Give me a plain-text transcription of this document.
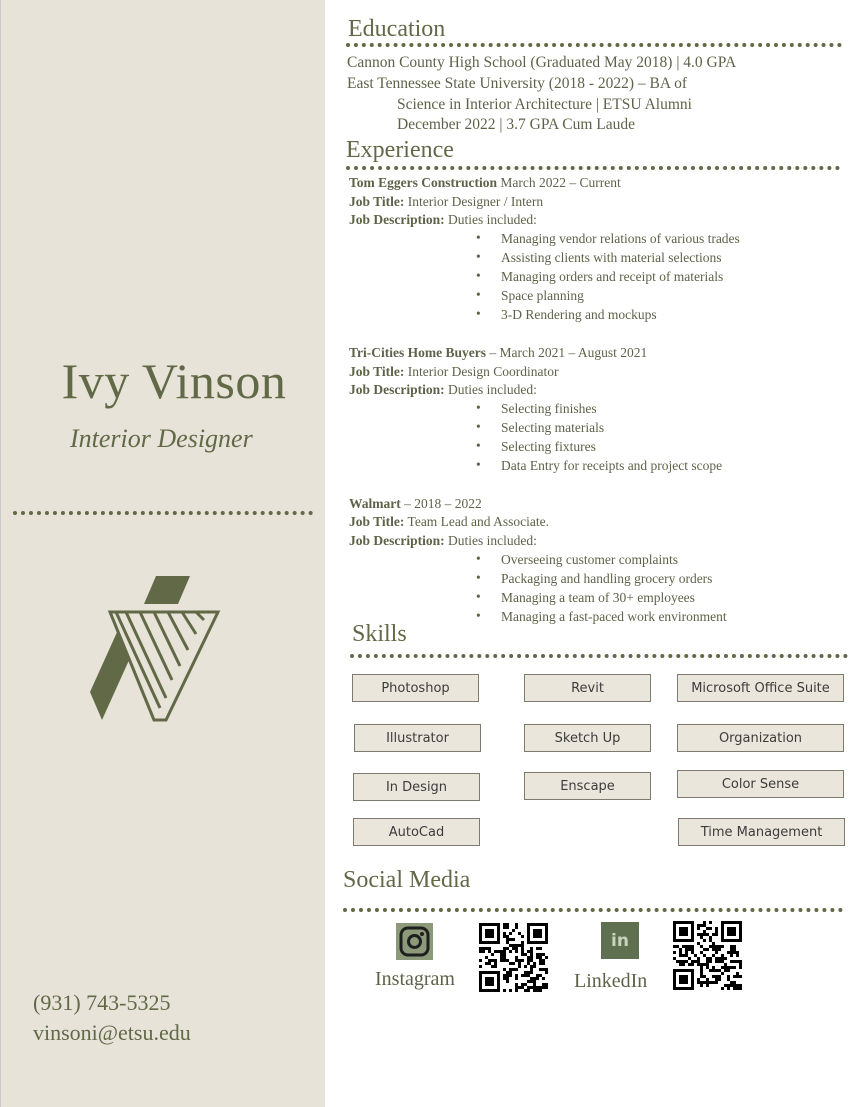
Ivy Vinson
Interior Designer
(931) 743-5325
vinsoni@etsu.edu
Education
Cannon County High School (Graduated May 2018) | 4.0 GPA
East Tennessee State University (2018 - 2022) – BA of
Science in Interior Architecture | ETSU Alumni
December 2022 | 3.7 GPA Cum Laude
Experience
Tom Eggers Construction March 2022 – Current
Job Title: Interior Designer / Intern
Job Description: Duties included:
Managing vendor relations of various trades
Assisting clients with material selections
Managing orders and receipt of materials
Space planning
3-D Rendering and mockups
Tri-Cities Home Buyers – March 2021 – August 2021
Job Title: Interior Design Coordinator
Job Description: Duties included:
Selecting finishes
Selecting materials
Selecting fixtures
Data Entry for receipts and project scope
Walmart – 2018 – 2022
Job Title: Team Lead and Associate.
Job Description: Duties included:
Overseeing customer complaints
Packaging and handling grocery orders
Managing a team of 30+ employees
Managing a fast-paced work environment
Skills
Photoshop	Revit	Microsoft Office Suite
Illustrator	Sketch Up	Organization
In Design	Enscape	Color Sense
AutoCad	Time Management
Social Media
Instagram
in
LinkedIn
